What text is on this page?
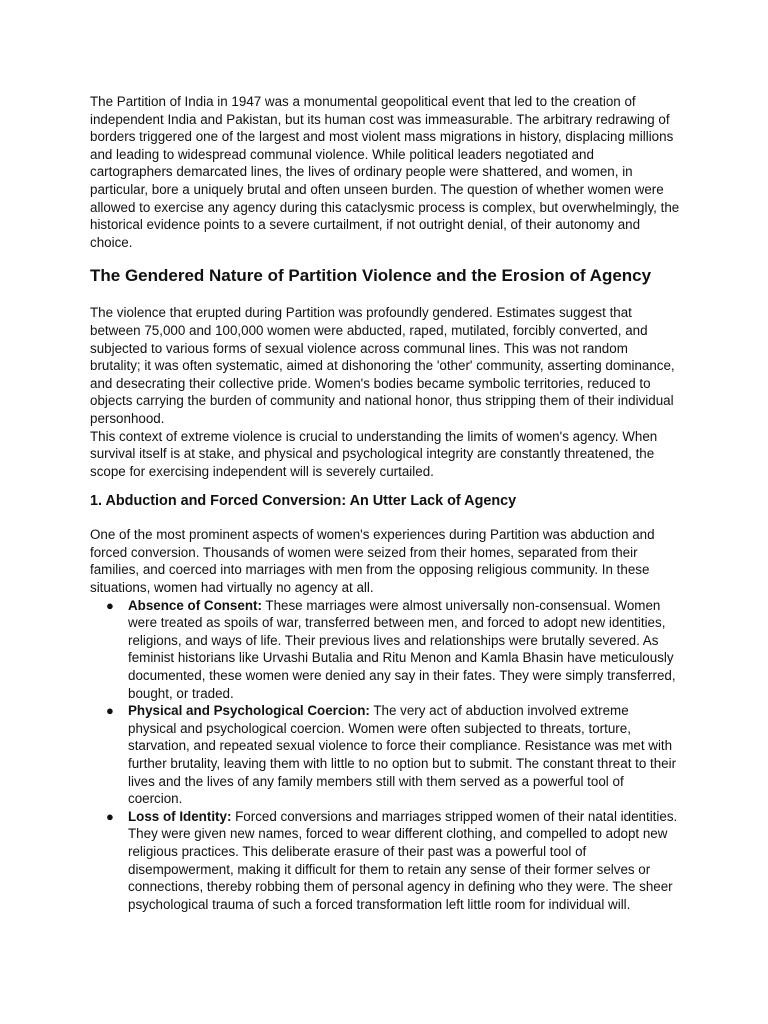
The Partition of India in 1947 was a monumental geopolitical event that led to the creation of independent India and Pakistan, but its human cost was immeasurable. The arbitrary redrawing of borders triggered one of the largest and most violent mass migrations in history, displacing millions and leading to widespread communal violence. While political leaders negotiated and cartographers demarcated lines, the lives of ordinary people were shattered, and women, in particular, bore a uniquely brutal and often unseen burden. The question of whether women were allowed to exercise any agency during this cataclysmic process is complex, but overwhelmingly, the historical evidence points to a severe curtailment, if not outright denial, of their autonomy and choice.

The Gendered Nature of Partition Violence and the Erosion of Agency

The violence that erupted during Partition was profoundly gendered. Estimates suggest that between 75,000 and 100,000 women were abducted, raped, mutilated, forcibly converted, and subjected to various forms of sexual violence across communal lines. This was not random brutality; it was often systematic, aimed at dishonoring the 'other' community, asserting dominance, and desecrating their collective pride. Women's bodies became symbolic territories, reduced to objects carrying the burden of community and national honor, thus stripping them of their individual personhood.

This context of extreme violence is crucial to understanding the limits of women's agency. When survival itself is at stake, and physical and psychological integrity are constantly threatened, the scope for exercising independent will is severely curtailed.

1. Abduction and Forced Conversion: An Utter Lack of Agency

One of the most prominent aspects of women's experiences during Partition was abduction and forced conversion. Thousands of women were seized from their homes, separated from their families, and coerced into marriages with men from the opposing religious community. In these situations, women had virtually no agency at all.

● Absence of Consent: These marriages were almost universally non-consensual. Women were treated as spoils of war, transferred between men, and forced to adopt new identities, religions, and ways of life. Their previous lives and relationships were brutally severed. As feminist historians like Urvashi Butalia and Ritu Menon and Kamla Bhasin have meticulously documented, these women were denied any say in their fates. They were simply transferred, bought, or traded.
● Physical and Psychological Coercion: The very act of abduction involved extreme physical and psychological coercion. Women were often subjected to threats, torture, starvation, and repeated sexual violence to force their compliance. Resistance was met with further brutality, leaving them with little to no option but to submit. The constant threat to their lives and the lives of any family members still with them served as a powerful tool of coercion.
● Loss of Identity: Forced conversions and marriages stripped women of their natal identities. They were given new names, forced to wear different clothing, and compelled to adopt new religious practices. This deliberate erasure of their past was a powerful tool of disempowerment, making it difficult for them to retain any sense of their former selves or connections, thereby robbing them of personal agency in defining who they were. The sheer psychological trauma of such a forced transformation left little room for individual will.
